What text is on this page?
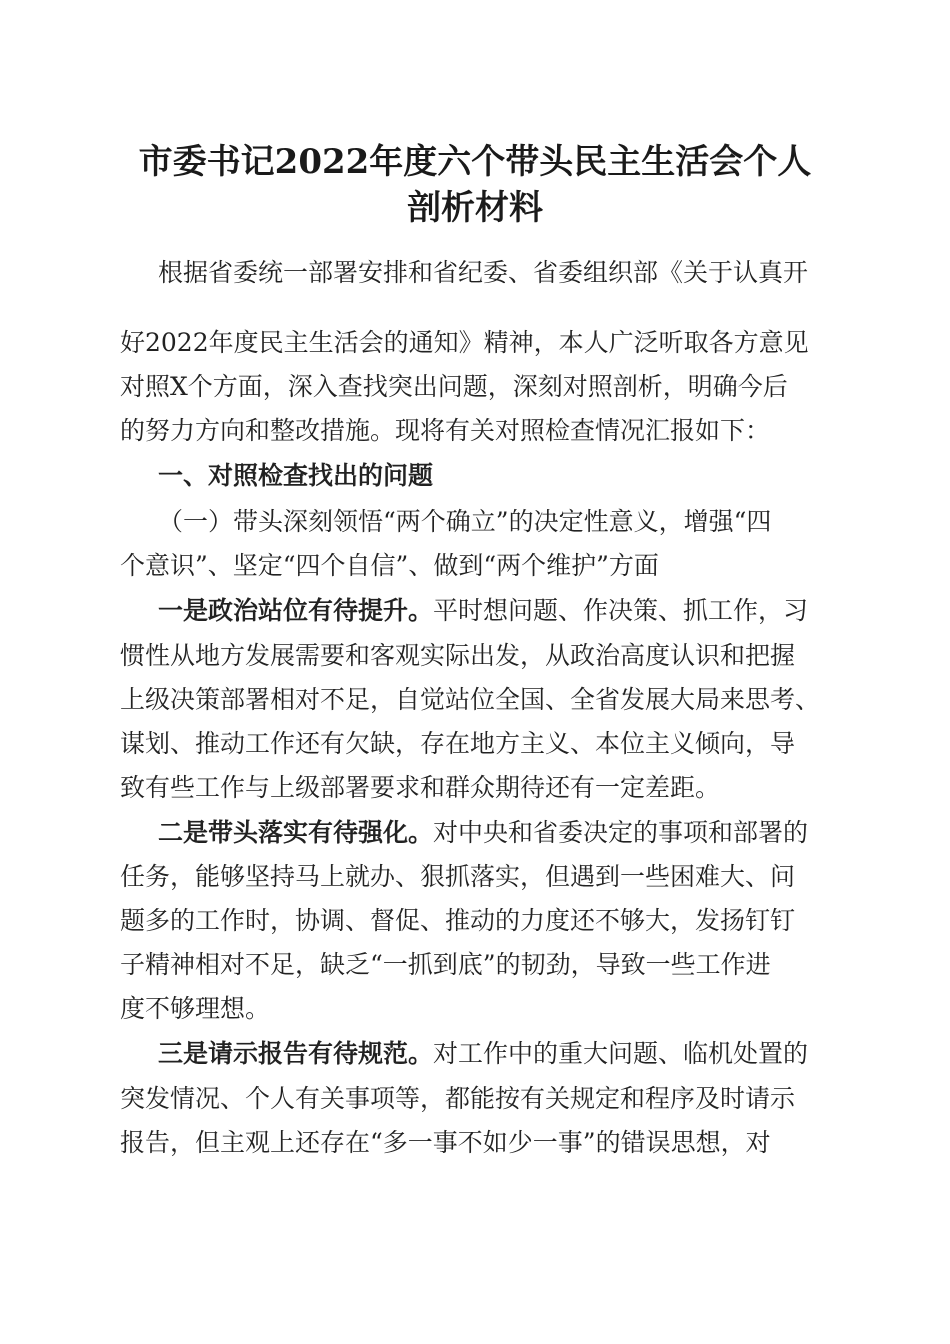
市委书记2022年度六个带头民主生活会个人
剖析材料
根据省委统一部署安排和省纪委、省委组织部《关于认真开
好2022年度民主生活会的通知》精神，本人广泛听取各方意见
对照X个方面，深入查找突出问题，深刻对照剖析，明确今后
的努力方向和整改措施。现将有关对照检查情况汇报如下：
一、对照检查找出的问题
（一）带头深刻领悟“两个确立”的决定性意义，增强“四
个意识”、坚定“四个自信”、做到“两个维护”方面
一是政治站位有待提升。平时想问题、作决策、抓工作，习
惯性从地方发展需要和客观实际出发，从政治高度认识和把握
上级决策部署相对不足，自觉站位全国、全省发展大局来思考、
谋划、推动工作还有欠缺，存在地方主义、本位主义倾向，导
致有些工作与上级部署要求和群众期待还有一定差距。
二是带头落实有待强化。对中央和省委决定的事项和部署的
任务，能够坚持马上就办、狠抓落实，但遇到一些困难大、问
题多的工作时，协调、督促、推动的力度还不够大，发扬钉钉
子精神相对不足，缺乏“一抓到底”的韧劲，导致一些工作进
度不够理想。
三是请示报告有待规范。对工作中的重大问题、临机处置的
突发情况、个人有关事项等，都能按有关规定和程序及时请示
报告，但主观上还存在“多一事不如少一事”的错误思想，对
